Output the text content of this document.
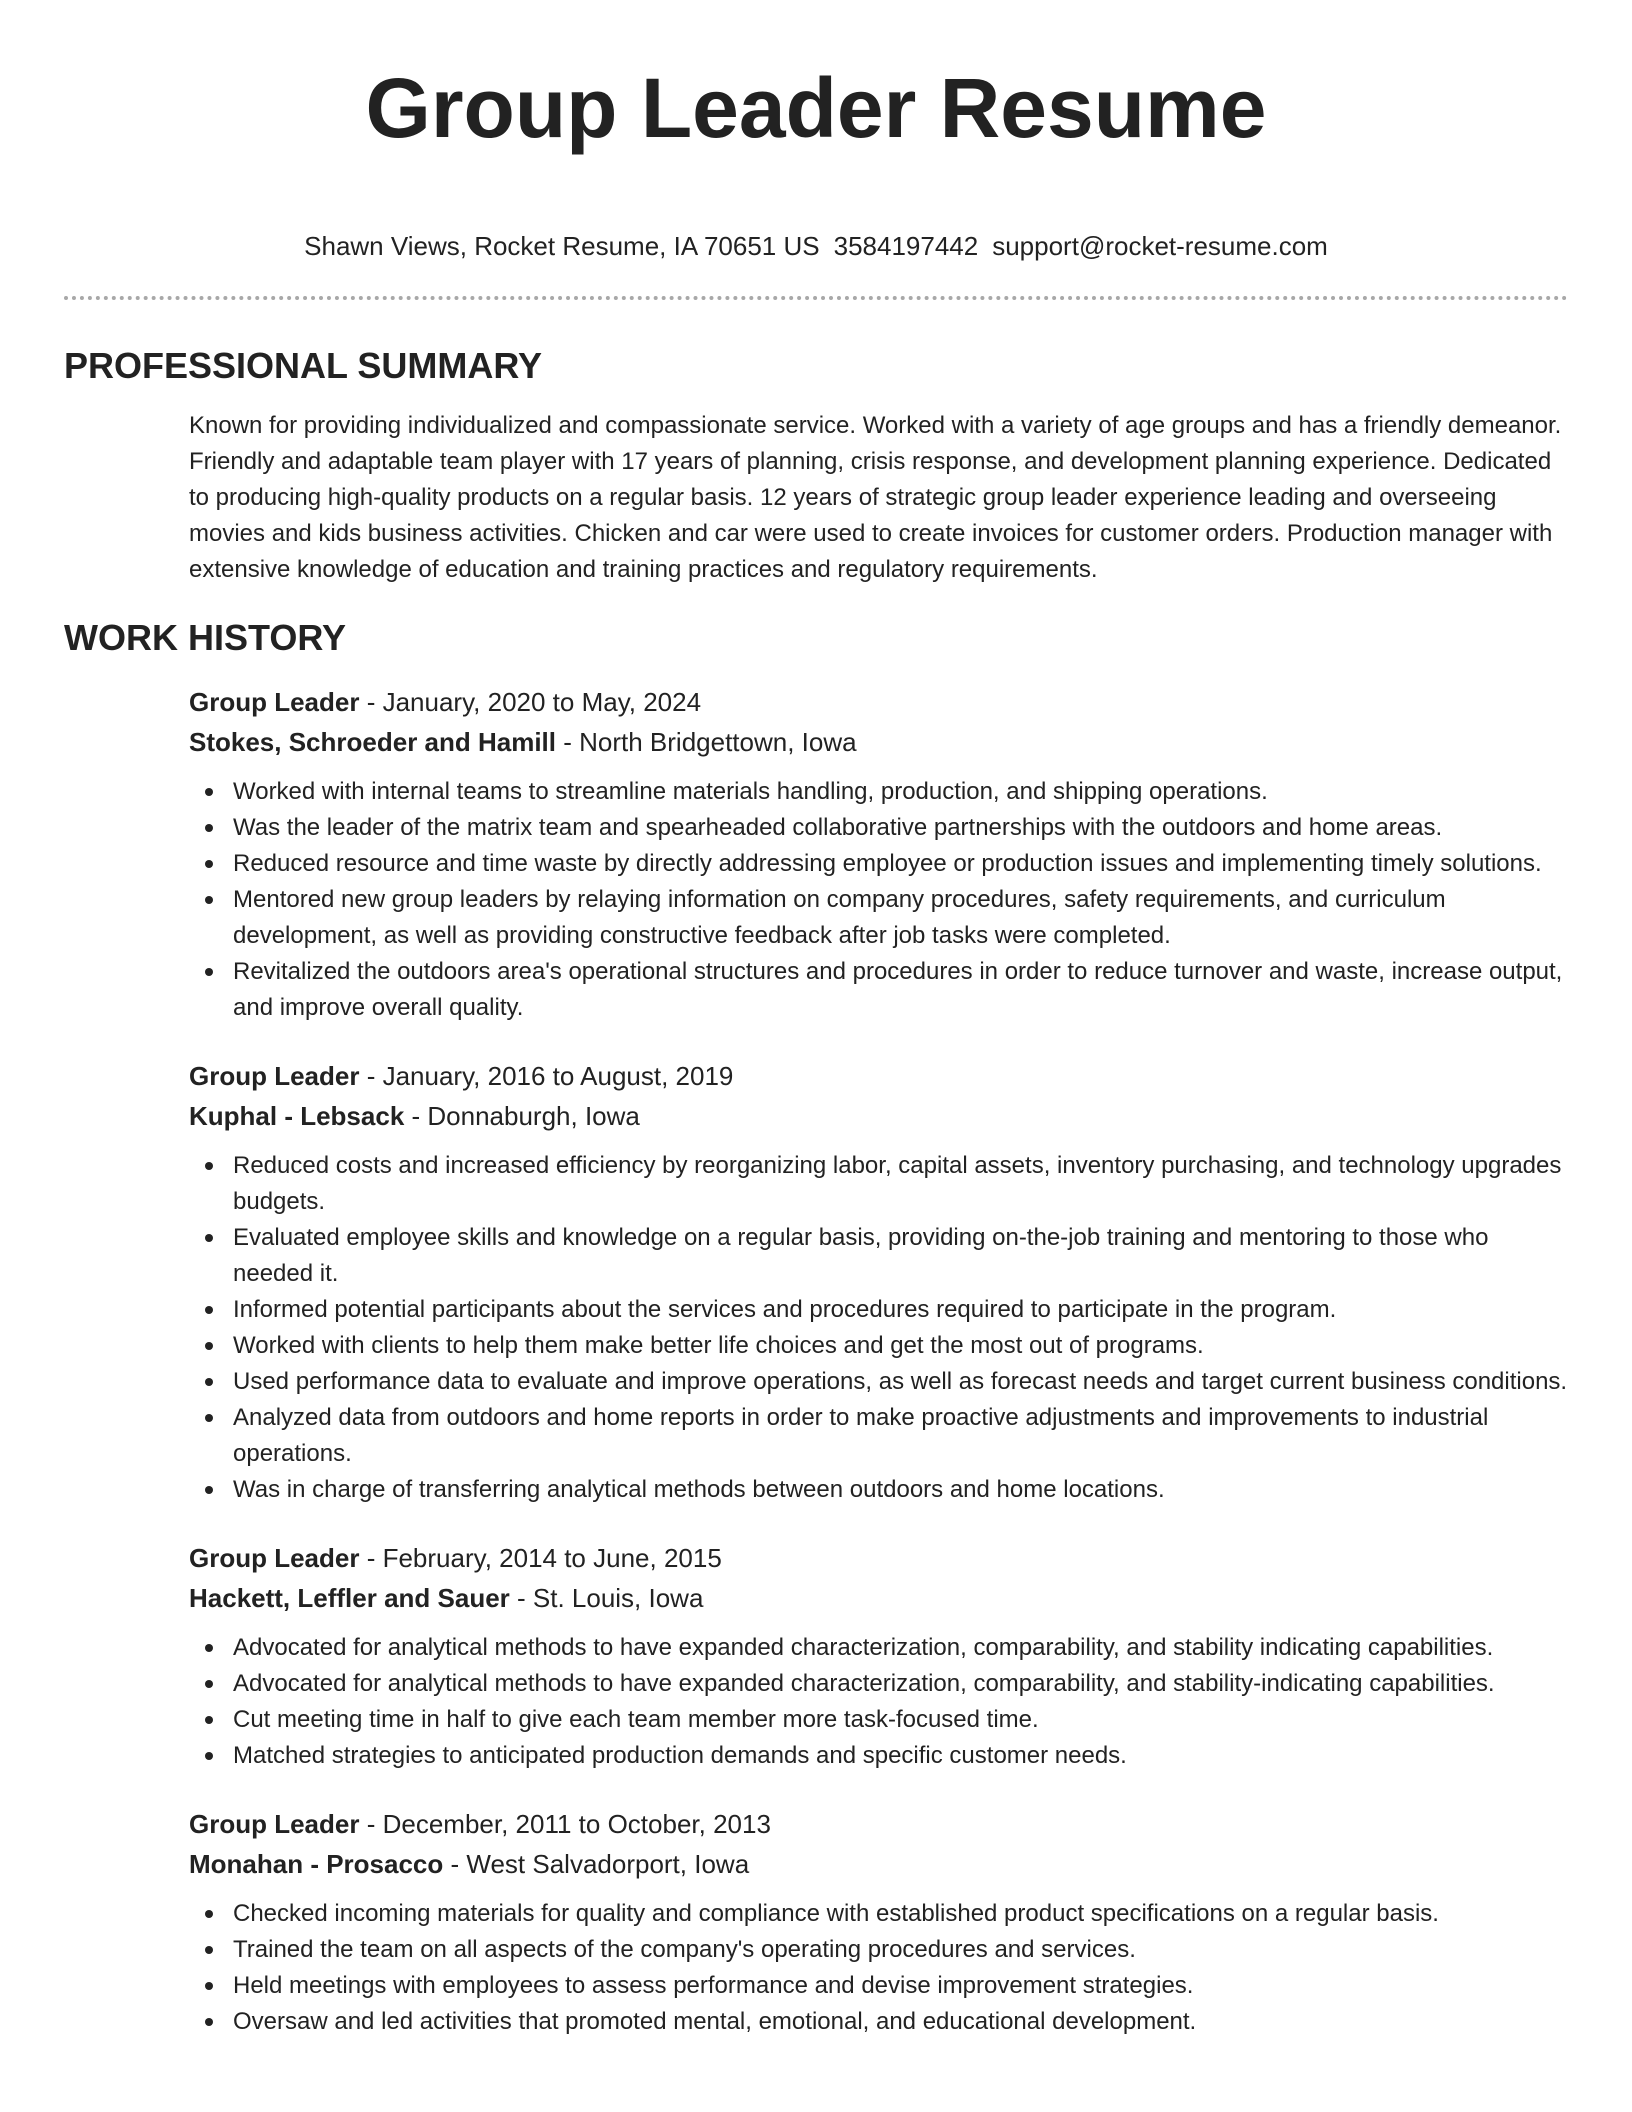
Group Leader Resume
Shawn Views, Rocket Resume, IA 70651 US 3584197442 support@rocket-resume.com
PROFESSIONAL SUMMARY

Known for providing individualized and compassionate service. Worked with a variety of age groups and has a friendly demeanor. Friendly and adaptable team player with 17 years of planning, crisis response, and development planning experience. Dedicated to producing high-quality products on a regular basis. 12 years of strategic group leader experience leading and overseeing movies and kids business activities. Chicken and car were used to create invoices for customer orders. Production manager with extensive knowledge of education and training practices and regulatory requirements.

WORK HISTORY
Group Leader - January, 2020 to May, 2024
Stokes, Schroeder and Hamill - North Bridgettown, Iowa
Worked with internal teams to streamline materials handling, production, and shipping operations.
Was the leader of the matrix team and spearheaded collaborative partnerships with the outdoors and home areas.
Reduced resource and time waste by directly addressing employee or production issues and implementing timely solutions.
Mentored new group leaders by relaying information on company procedures, safety requirements, and curriculum development, as well as providing constructive feedback after job tasks were completed.
Revitalized the outdoors area's operational structures and procedures in order to reduce turnover and waste, increase output, and improve overall quality.
Group Leader - January, 2016 to August, 2019
Kuphal - Lebsack - Donnaburgh, Iowa
Reduced costs and increased efficiency by reorganizing labor, capital assets, inventory purchasing, and technology upgrades budgets.
Evaluated employee skills and knowledge on a regular basis, providing on-the-job training and mentoring to those who needed it.
Informed potential participants about the services and procedures required to participate in the program.
Worked with clients to help them make better life choices and get the most out of programs.
Used performance data to evaluate and improve operations, as well as forecast needs and target current business conditions.
Analyzed data from outdoors and home reports in order to make proactive adjustments and improvements to industrial operations.
Was in charge of transferring analytical methods between outdoors and home locations.
Group Leader - February, 2014 to June, 2015
Hackett, Leffler and Sauer - St. Louis, Iowa
Advocated for analytical methods to have expanded characterization, comparability, and stability indicating capabilities.
Advocated for analytical methods to have expanded characterization, comparability, and stability-indicating capabilities.
Cut meeting time in half to give each team member more task-focused time.
Matched strategies to anticipated production demands and specific customer needs.
Group Leader - December, 2011 to October, 2013
Monahan - Prosacco - West Salvadorport, Iowa
Checked incoming materials for quality and compliance with established product specifications on a regular basis.
Trained the team on all aspects of the company's operating procedures and services.
Held meetings with employees to assess performance and devise improvement strategies.
Oversaw and led activities that promoted mental, emotional, and educational development.
